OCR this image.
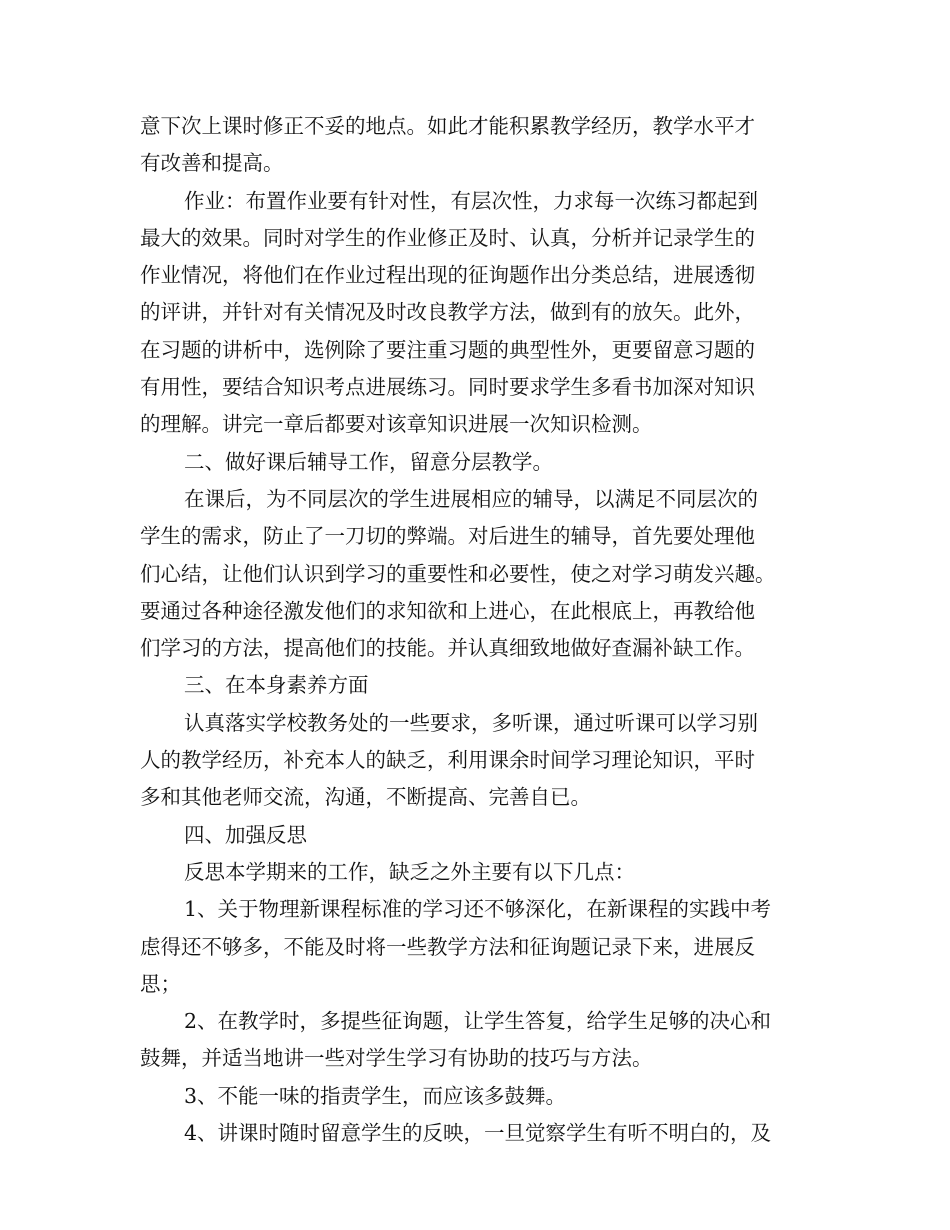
意下次上课时修正不妥的地点。如此才能积累教学经历，教学水平才
有改善和提高。
作业：布置作业要有针对性，有层次性，力求每一次练习都起到
最大的效果。同时对学生的作业修正及时、认真，分析并记录学生的
作业情况，将他们在作业过程出现的征询题作出分类总结，进展透彻
的评讲，并针对有关情况及时改良教学方法，做到有的放矢。此外，
在习题的讲析中，选例除了要注重习题的典型性外，更要留意习题的
有用性，要结合知识考点进展练习。同时要求学生多看书加深对知识
的理解。讲完一章后都要对该章知识进展一次知识检测。
二、做好课后辅导工作，留意分层教学。
在课后，为不同层次的学生进展相应的辅导，以满足不同层次的
学生的需求，防止了一刀切的弊端。对后进生的辅导，首先要处理他
们心结，让他们认识到学习的重要性和必要性，使之对学习萌发兴趣。
要通过各种途径激发他们的求知欲和上进心，在此根底上，再教给他
们学习的方法，提高他们的技能。并认真细致地做好查漏补缺工作。
三、在本身素养方面
认真落实学校教务处的一些要求，多听课，通过听课可以学习别
人的教学经历，补充本人的缺乏，利用课余时间学习理论知识，平时
多和其他老师交流，沟通，不断提高、完善自已。
四、加强反思
反思本学期来的工作，缺乏之外主要有以下几点：
1、关于物理新课程标准的学习还不够深化，在新课程的实践中考
虑得还不够多，不能及时将一些教学方法和征询题记录下来，进展反
思；
2、在教学时，多提些征询题，让学生答复，给学生足够的决心和
鼓舞，并适当地讲一些对学生学习有协助的技巧与方法。
3、不能一味的指责学生，而应该多鼓舞。
4、讲课时随时留意学生的反映，一旦觉察学生有听不明白的，及
